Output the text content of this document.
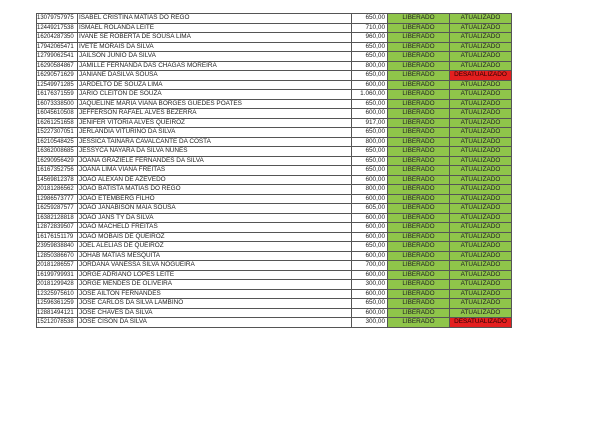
13079757975	ISABEL CRISTINA MATIAS DO REGO	650,00	LIBERADO	ATUALIZADO
12449217538	ISMAEL ROLANDA LEITE	710,00	LIBERADO	ATUALIZADO
16204287350	IVANE SE ROBERTA DE SOUSA LIMA	960,00	LIBERADO	ATUALIZADO
17942065471	IVETE MORAIS DA SILVA	650,00	LIBERADO	ATUALIZADO
12799062541	JAILSON JUNIO DA SILVA	650,00	LIBERADO	ATUALIZADO
16290584867	JAMILLE FERNANDA DAS CHAGAS MOREIRA	800,00	LIBERADO	ATUALIZADO
16290571629	JANIANE DASILVA SOUSA	650,00	LIBERADO	DESATUALIZADO
12549971285	JARDELTO DE SOUZA LIMA	600,00	LIBERADO	ATUALIZADO
16176371559	JARIO CLEITON DE SOUZA	1.060,00	LIBERADO	ATUALIZADO
16073338500	JAQUELINE MARIA VIANA BORGES GUEDES POATES	650,00	LIBERADO	ATUALIZADO
16045610508	JEFFERSON RAFAEL ALVES BEZERRA	600,00	LIBERADO	ATUALIZADO
16261251658	JENIFER VITORIA ALVES QUEIROZ	917,00	LIBERADO	ATUALIZADO
15227307051	JERLANDIA VITURINO DA SILVA	650,00	LIBERADO	ATUALIZADO
16210548425	JESSICA TAINARA CAVALCANTE DA COSTA	800,00	LIBERADO	ATUALIZADO
16362008685	JESSYCA NAYARA DA SILVA NUNES	650,00	LIBERADO	ATUALIZADO
16290956429	JOANA GRAZIELE FERNANDES DA SILVA	650,00	LIBERADO	ATUALIZADO
16167352756	JOANA LIMA VIANA FREITAS	650,00	LIBERADO	ATUALIZADO
14569812378	JOAO ALEXAN DE AZEVEDO	600,00	LIBERADO	ATUALIZADO
20181286562	JOAO BATISTA MATIAS DO REGO	800,00	LIBERADO	ATUALIZADO
12986573777	JOAO ETEMBERG FILHO	600,00	LIBERADO	ATUALIZADO
16259287577	JOAO JANABISON MAIA SOUSA	605,00	LIBERADO	ATUALIZADO
16382128818	JOAO JANS TY DA SILVA	600,00	LIBERADO	ATUALIZADO
12872839507	JOAO MACHELD FREITAS	600,00	LIBERADO	ATUALIZADO
16176151179	JOAO MOBAIS DE QUEIROZ	600,00	LIBERADO	ATUALIZADO
23959838840	JOEL ALELIAS DE QUEIROZ	650,00	LIBERADO	ATUALIZADO
12850386670	JOHAB MATIAS MESQUITA	600,00	LIBERADO	ATUALIZADO
20181286557	JORDANA VANESSA SILVA NOGUEIRA	700,00	LIBERADO	ATUALIZADO
16199799931	JORGE ADRIANO LOPES LEITE	600,00	LIBERADO	ATUALIZADO
20181299428	JORGE MENDES DE OLIVEIRA	300,00	LIBERADO	ATUALIZADO
12325975610	JOSE AILTON FERNANDES	600,00	LIBERADO	ATUALIZADO
12596361259	JOSE CARLOS DA SILVA LAMBINO	650,00	LIBERADO	ATUALIZADO
12881494121	JOSE CHAVES DA SILVA	600,00	LIBERADO	ATUALIZADO
15212078538	JOSE CISON DA SILVA	300,00	LIBERADO	DESATUALIZADO
